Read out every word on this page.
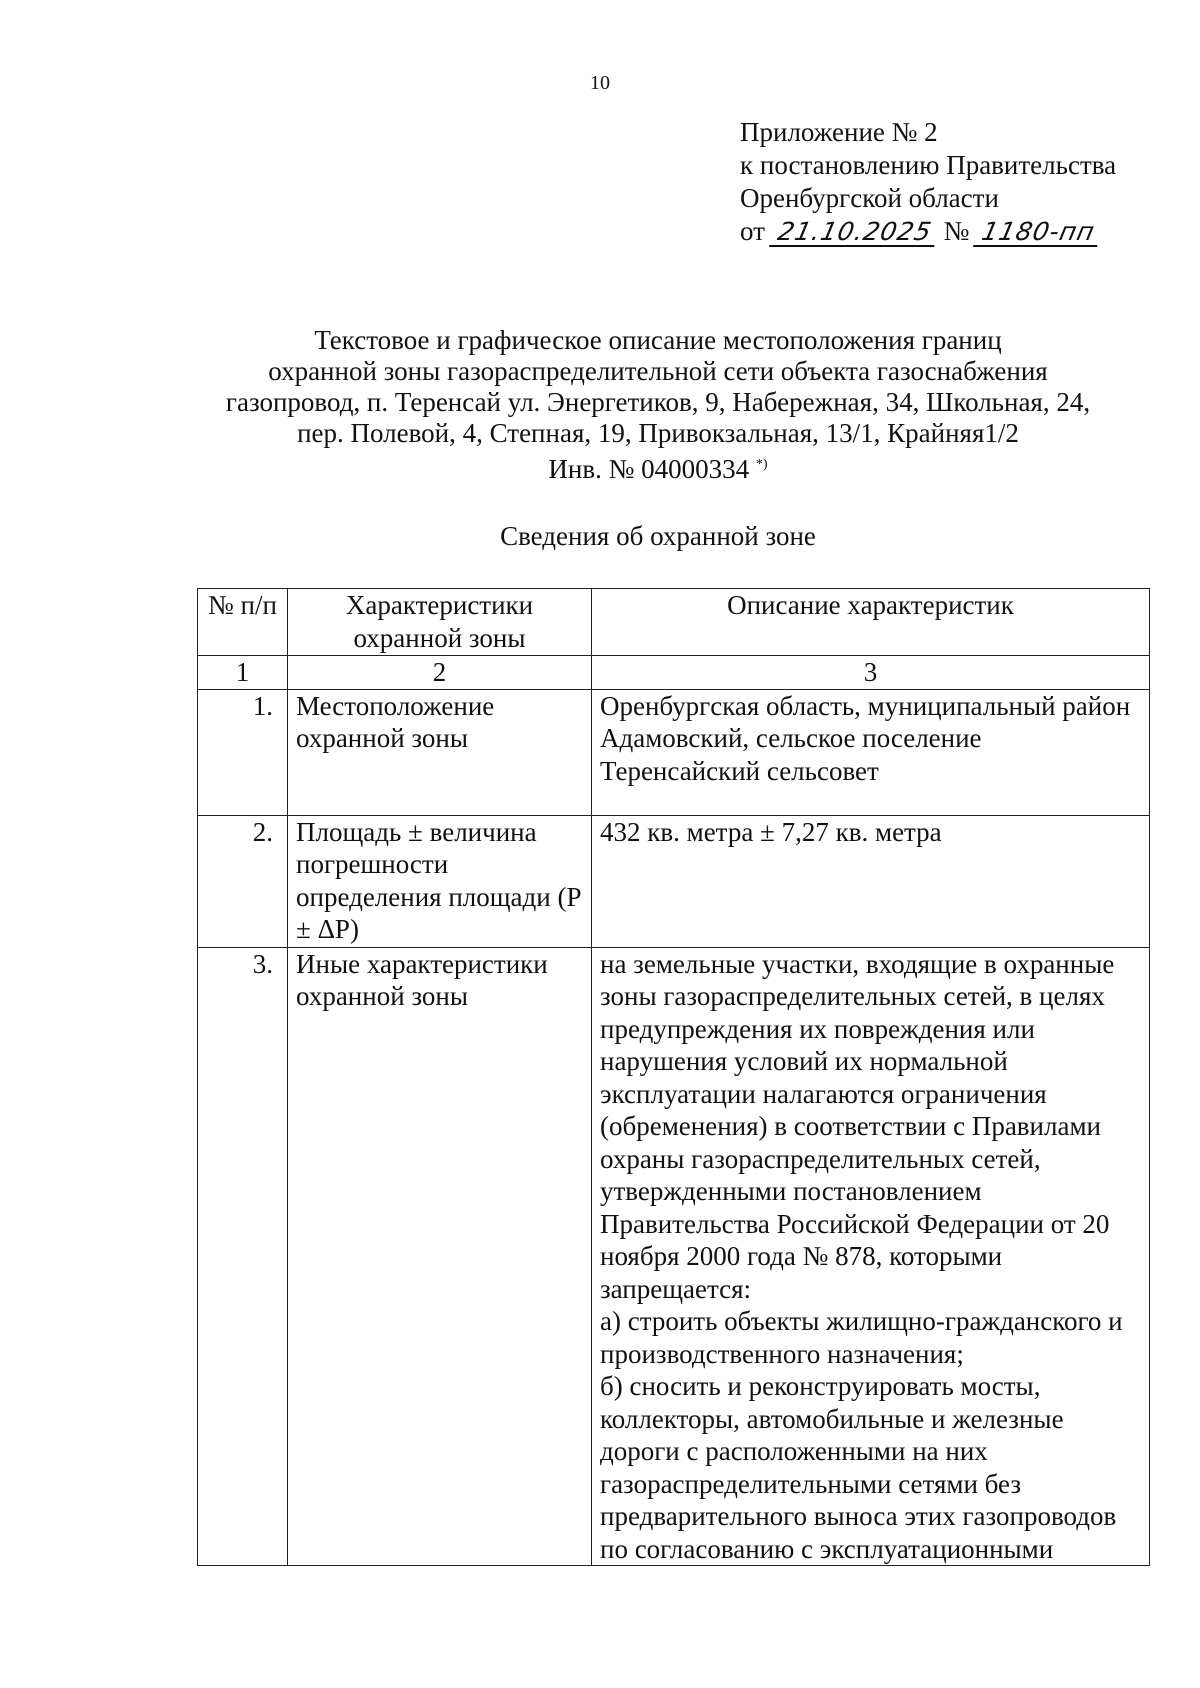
10
Приложение № 2
к постановлению Правительства
Оренбургской области
от 21.10.2025 № 1180-пп
Текстовое и графическое описание местоположения границ
охранной зоны газораспределительной сети объекта газоснабжения
газопровод, п. Теренсай ул. Энергетиков, 9, Набережная, 34, Школьная, 24,
пер. Полевой, 4, Степная, 19, Привокзальная, 13/1, Крайняя1/2
Инв. № 04000334 *)
Сведения об охранной зоне
№ п/п	Характеристики охранной зоны	Описание характеристик
1	2	3
1.	Местоположение охранной зоны	Оренбургская область, муниципальный район Адамовский, сельское поселение Теренсайский сельсовет
2.	Площадь ± величина погрешности определения площади (P ± ΔP)	432 кв. метра ± 7,27 кв. метра
3.	Иные характеристики охранной зоны	на земельные участки, входящие в охранные зоны газораспределительных сетей, в целях предупреждения их повреждения или нарушения условий их нормальной эксплуатации налагаются ограничения (обременения) в соответствии с Правилами охраны газораспределительных сетей, утвержденными постановлением Правительства Российской Федерации от 20 ноября 2000 года № 878, которыми запрещается:
а) строить объекты жилищно-гражданского и производственного назначения;
б) сносить и реконструировать мосты, коллекторы, автомобильные и железные дороги с расположенными на них газораспределительными сетями без предварительного выноса этих газопроводов по согласованию с эксплуатационными
